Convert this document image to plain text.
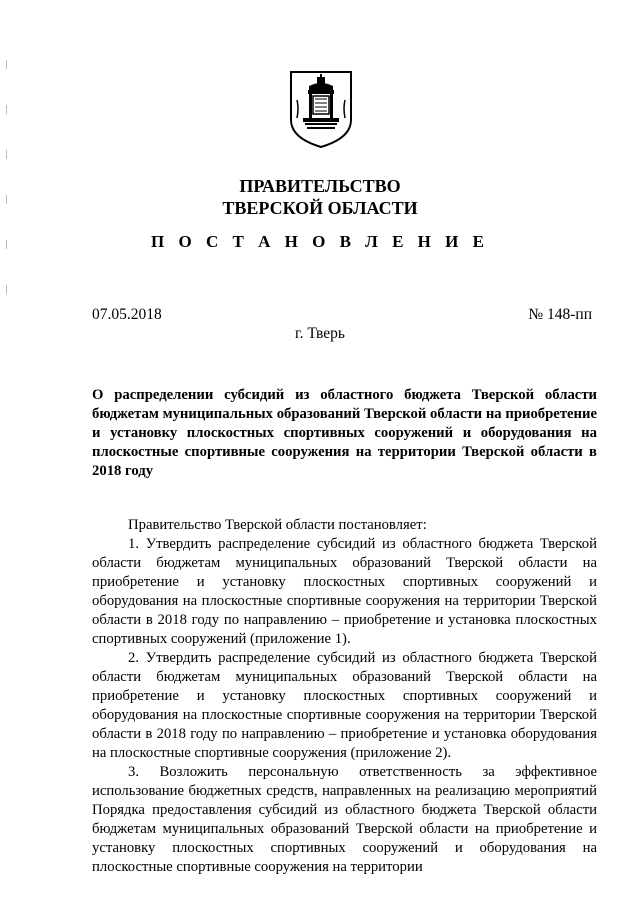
ПРАВИТЕЛЬСТВО
ТВЕРСКОЙ ОБЛАСТИ
П О С Т А Н О В Л Е Н И Е
07.05.2018	№ 148-пп
г. Тверь
О распределении субсидий из областного бюджета Тверской области бюджетам муниципальных образований Тверской области на приобретение и установку плоскостных спортивных сооружений и оборудования на плоскостные спортивные сооружения на территории Тверской области в 2018 году

Правительство Тверской области постановляет:

1. Утвердить распределение субсидий из областного бюджета Тверской области бюджетам муниципальных образований Тверской области на приобретение и установку плоскостных спортивных сооружений и оборудования на плоскостные спортивные сооружения на территории Тверской области в 2018 году по направлению – приобретение и установка плоскостных спортивных сооружений (приложение 1).

2. Утвердить распределение субсидий из областного бюджета Тверской области бюджетам муниципальных образований Тверской области на приобретение и установку плоскостных спортивных сооружений и оборудования на плоскостные спортивные сооружения на территории Тверской области в 2018 году по направлению – приобретение и установка оборудования на плоскостные спортивные сооружения (приложение 2).

3. Возложить персональную ответственность за эффективное использование бюджетных средств, направленных на реализацию мероприятий Порядка предоставления субсидий из областного бюджета Тверской области бюджетам муниципальных образований Тверской области на приобретение и установку плоскостных спортивных сооружений и оборудования на плоскостные спортивные сооружения на территории
